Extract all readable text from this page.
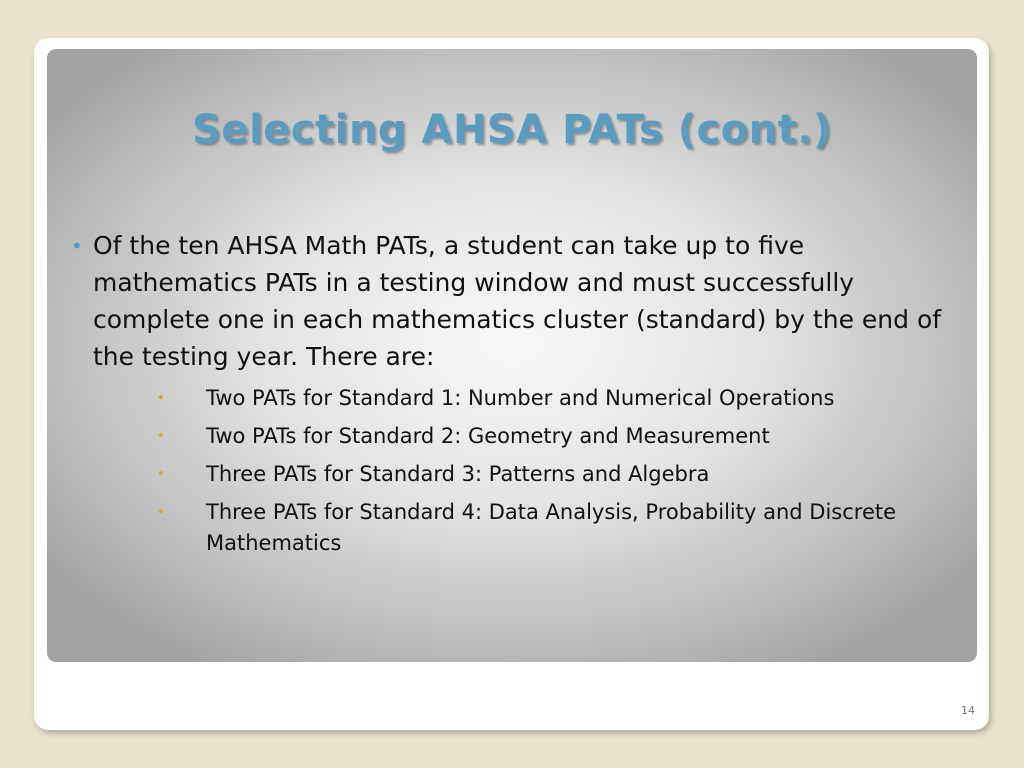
Selecting AHSA PATs (cont.)
• Of the ten AHSA Math PATs, a student can take up to five mathematics PATs in a testing window and must successfully complete one in each mathematics cluster (standard) by the end of the testing year. There are:
•	Two PATs for Standard 1: Number and Numerical Operations
•	Two PATs for Standard 2: Geometry and Measurement
•	Three PATs for Standard 3: Patterns and Algebra
•	Three PATs for Standard 4: Data Analysis, Probability and Discrete Mathematics
14
